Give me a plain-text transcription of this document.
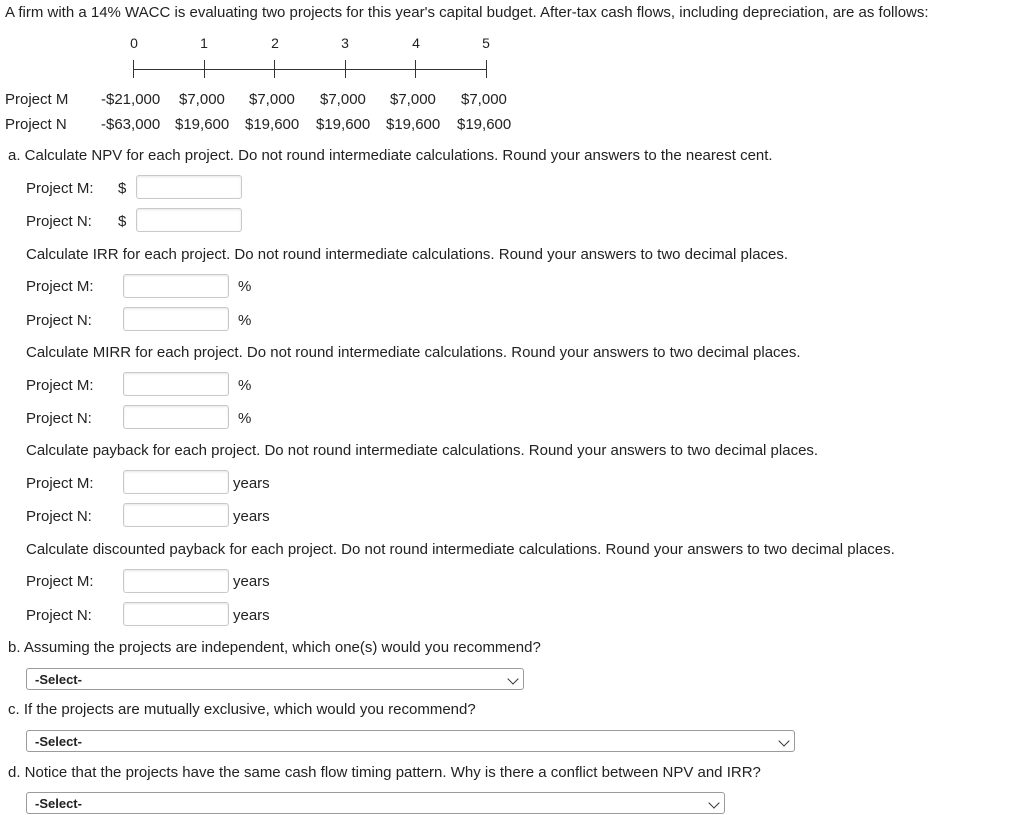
A firm with a 14% WACC is evaluating two projects for this year's capital budget. After-tax cash flows, including depreciation, are as follows:
0	1	2	3	4	5
Project M -$21,000 $7,000 $7,000 $7,000 $7,000 $7,000
Project N -$63,000 $19,600 $19,600 $19,600 $19,600 $19,600
a. Calculate NPV for each project. Do not round intermediate calculations. Round your answers to the nearest cent.
Project M: $
Project N: $
Calculate IRR for each project. Do not round intermediate calculations. Round your answers to two decimal places.
Project M:	%
Project N:	%
Calculate MIRR for each project. Do not round intermediate calculations. Round your answers to two decimal places.
Project M:	%
Project N:	%
Calculate payback for each project. Do not round intermediate calculations. Round your answers to two decimal places.
Project M:	years
Project N:	years
Calculate discounted payback for each project. Do not round intermediate calculations. Round your answers to two decimal places.
Project M:	years
Project N:	years
b. Assuming the projects are independent, which one(s) would you recommend?
-Select-
c. If the projects are mutually exclusive, which would you recommend?
-Select-
d. Notice that the projects have the same cash flow timing pattern. Why is there a conflict between NPV and IRR?
-Select-
